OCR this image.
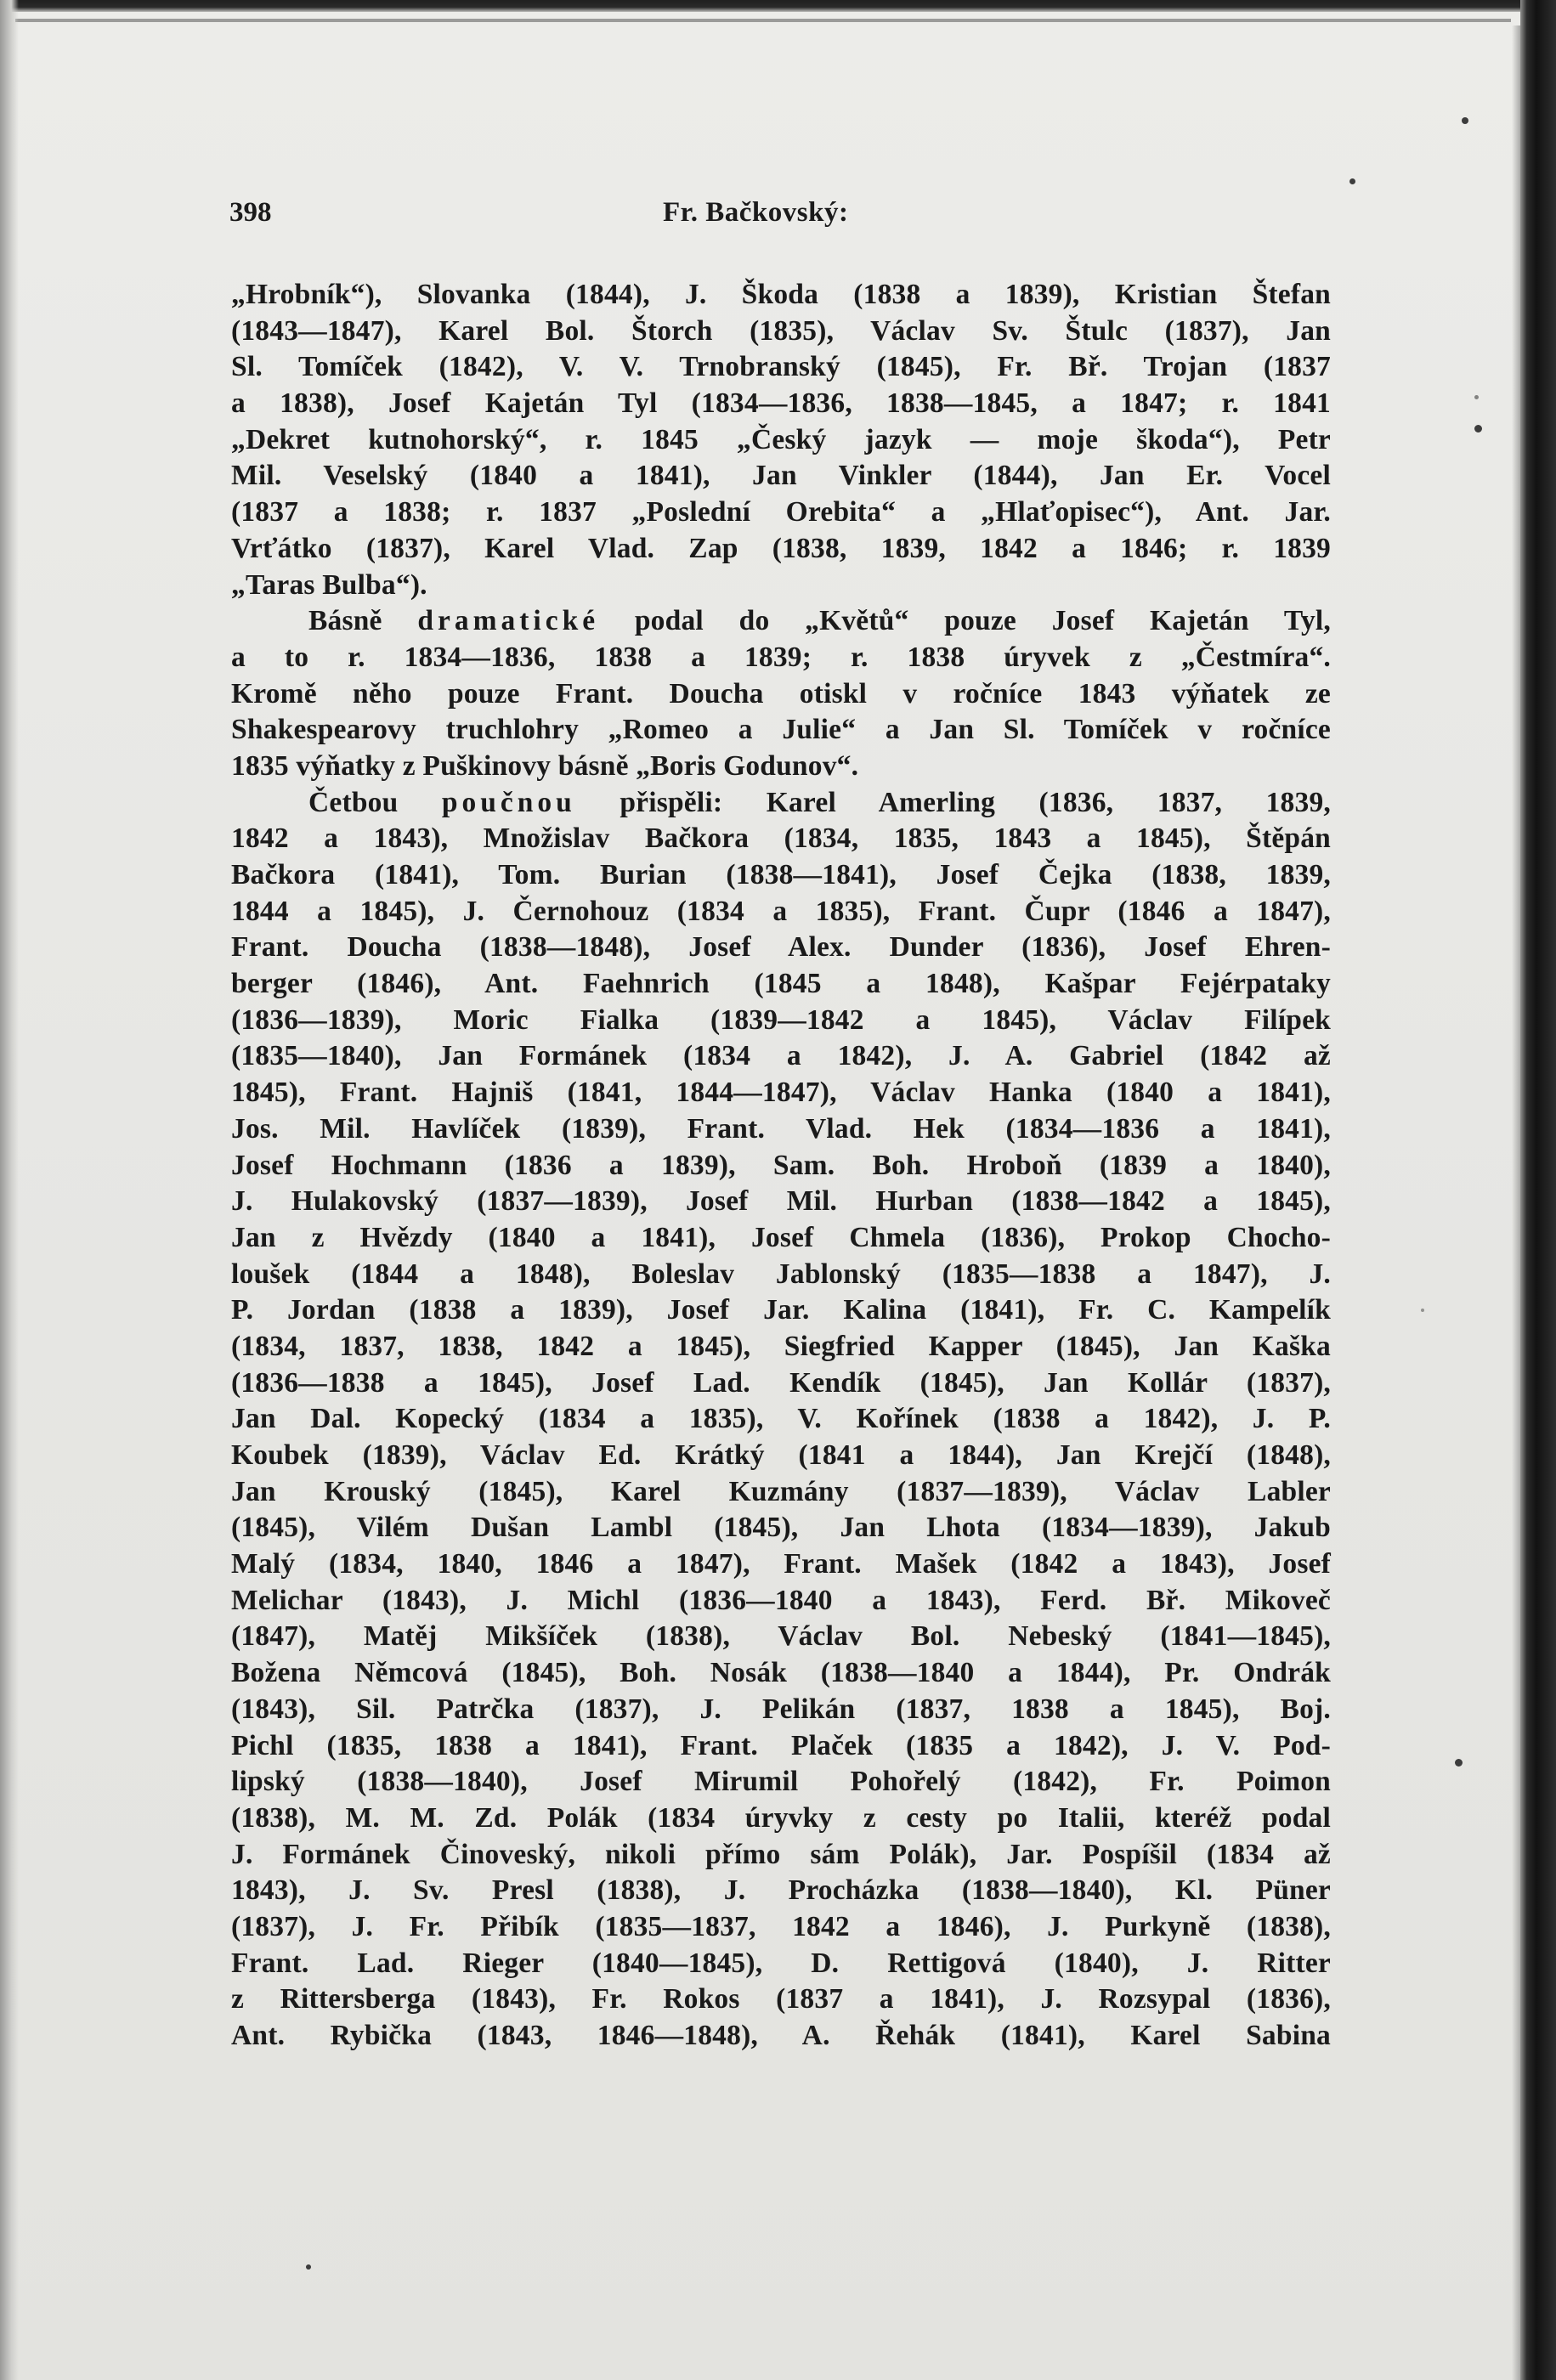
398	Fr. Bačkovský:
„Hrobník“), Slovanka (1844), J. Škoda (1838 a 1839), Kristian Štefan
(1843—1847), Karel Bol. Štorch (1835), Václav Sv. Štulc (1837), Jan
Sl. Tomíček (1842), V. V. Trnobranský (1845), Fr. Bř. Trojan (1837
a 1838), Josef Kajetán Tyl (1834—1836, 1838—1845, a 1847; r. 1841
„Dekret kutnohorský“, r. 1845 „Český jazyk — moje škoda“), Petr
Mil. Veselský (1840 a 1841), Jan Vinkler (1844), Jan Er. Vocel
(1837 a 1838; r. 1837 „Poslední Orebita“ a „Hlaťopisec“), Ant. Jar.
Vrťátko (1837), Karel Vlad. Zap (1838, 1839, 1842 a 1846; r. 1839
„Taras Bulba“).
Básně dramatické podal do „Květů“ pouze Josef Kajetán Tyl,
a to r. 1834—1836, 1838 a 1839; r. 1838 úryvek z „Čestmíra“.
Kromě něho pouze Frant. Doucha otiskl v ročníce 1843 výňatek ze
Shakespearovy truchlohry „Romeo a Julie“ a Jan Sl. Tomíček v ročníce
1835 výňatky z Puškinovy básně „Boris Godunov“.
Četbou poučnou přispěli: Karel Amerling (1836, 1837, 1839,
1842 a 1843), Množislav Bačkora (1834, 1835, 1843 a 1845), Štěpán
Bačkora (1841), Tom. Burian (1838—1841), Josef Čejka (1838, 1839,
1844 a 1845), J. Černohouz (1834 a 1835), Frant. Čupr (1846 a 1847),
Frant. Doucha (1838—1848), Josef Alex. Dunder (1836), Josef Ehren-
berger (1846), Ant. Faehnrich (1845 a 1848), Kašpar Fejérpataky
(1836—1839), Moric Fialka (1839—1842 a 1845), Václav Filípek
(1835—1840), Jan Formánek (1834 a 1842), J. A. Gabriel (1842 až
1845), Frant. Hajniš (1841, 1844—1847), Václav Hanka (1840 a 1841),
Jos. Mil. Havlíček (1839), Frant. Vlad. Hek (1834—1836 a 1841),
Josef Hochmann (1836 a 1839), Sam. Boh. Hroboň (1839 a 1840),
J. Hulakovský (1837—1839), Josef Mil. Hurban (1838—1842 a 1845),
Jan z Hvězdy (1840 a 1841), Josef Chmela (1836), Prokop Chocho-
loušek (1844 a 1848), Boleslav Jablonský (1835—1838 a 1847), J.
P. Jordan (1838 a 1839), Josef Jar. Kalina (1841), Fr. C. Kampelík
(1834, 1837, 1838, 1842 a 1845), Siegfried Kapper (1845), Jan Kaška
(1836—1838 a 1845), Josef Lad. Kendík (1845), Jan Kollár (1837),
Jan Dal. Kopecký (1834 a 1835), V. Kořínek (1838 a 1842), J. P.
Koubek (1839), Václav Ed. Krátký (1841 a 1844), Jan Krejčí (1848),
Jan Krouský (1845), Karel Kuzmány (1837—1839), Václav Labler
(1845), Vilém Dušan Lambl (1845), Jan Lhota (1834—1839), Jakub
Malý (1834, 1840, 1846 a 1847), Frant. Mašek (1842 a 1843), Josef
Melichar (1843), J. Michl (1836—1840 a 1843), Ferd. Bř. Mikoveč
(1847), Matěj Mikšíček (1838), Václav Bol. Nebeský (1841—1845),
Božena Němcová (1845), Boh. Nosák (1838—1840 a 1844), Pr. Ondrák
(1843), Sil. Patrčka (1837), J. Pelikán (1837, 1838 a 1845), Boj.
Pichl (1835, 1838 a 1841), Frant. Plaček (1835 a 1842), J. V. Pod-
lipský (1838—1840), Josef Mirumil Pohořelý (1842), Fr. Poimon
(1838), M. M. Zd. Polák (1834 úryvky z cesty po Italii, kteréž podal
J. Formánek Činoveský, nikoli přímo sám Polák), Jar. Pospíšil (1834 až
1843), J. Sv. Presl (1838), J. Procházka (1838—1840), Kl. Püner
(1837), J. Fr. Přibík (1835—1837, 1842 a 1846), J. Purkyně (1838),
Frant. Lad. Rieger (1840—1845), D. Rettigová (1840), J. Ritter
z Rittersberga (1843), Fr. Rokos (1837 a 1841), J. Rozsypal (1836),
Ant. Rybička (1843, 1846—1848), A. Řehák (1841), Karel Sabina
